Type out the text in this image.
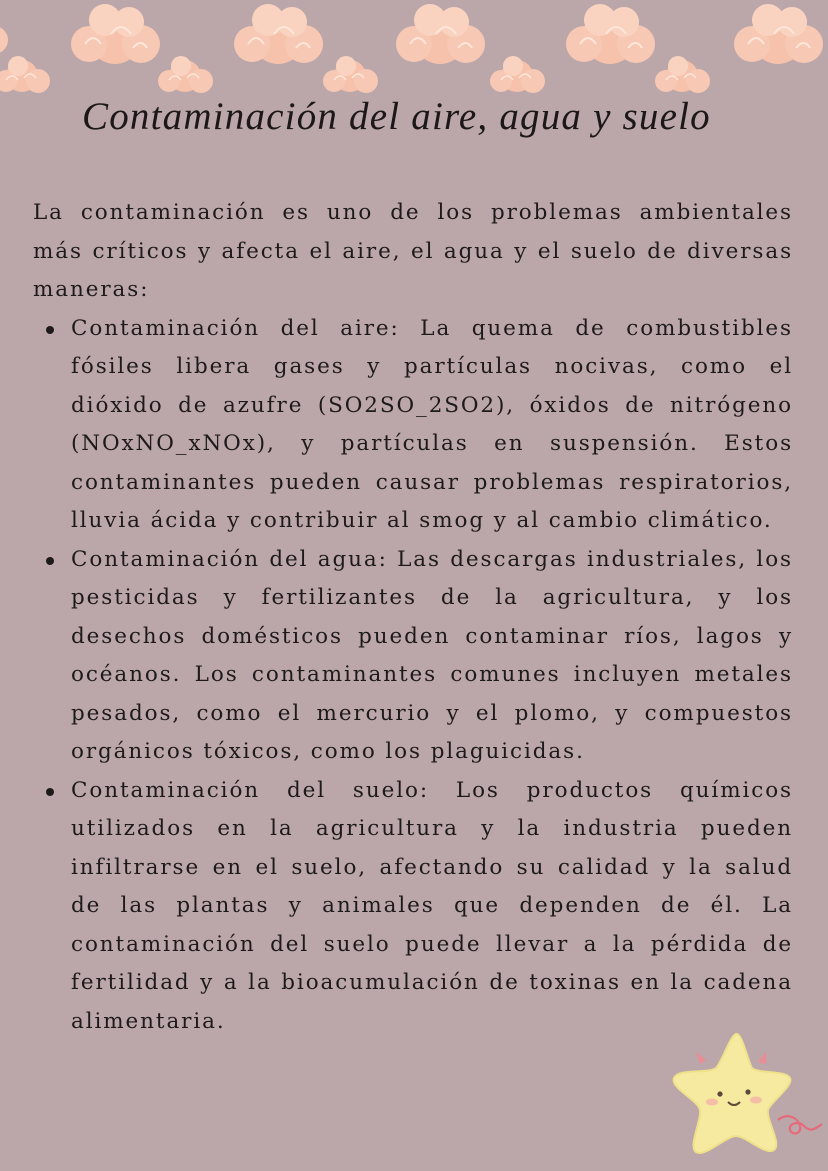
Contaminación del aire, agua y suelo

La contaminación es uno de los problemas ambientales más críticos y afecta el aire, el agua y el suelo de diversas maneras:

Contaminación del aire: La quema de combustibles fósiles libera gases y partículas nocivas, como el dióxido de azufre (SO2SO_2SO2), óxidos de nitrógeno (NOxNO_xNOx), y partículas en suspensión. Estos contaminantes pueden causar problemas respiratorios, lluvia ácida y contribuir al smog y al cambio climático.
Contaminación del agua: Las descargas industriales, los pesticidas y fertilizantes de la agricultura, y los desechos domésticos pueden contaminar ríos, lagos y océanos. Los contaminantes comunes incluyen metales pesados, como el mercurio y el plomo, y compuestos orgánicos tóxicos, como los plaguicidas.
Contaminación del suelo: Los productos químicos utilizados en la agricultura y la industria pueden infiltrarse en el suelo, afectando su calidad y la salud de las plantas y animales que dependen de él. La contaminación del suelo puede llevar a la pérdida de fertilidad y a la bioacumulación de toxinas en la cadena alimentaria.
